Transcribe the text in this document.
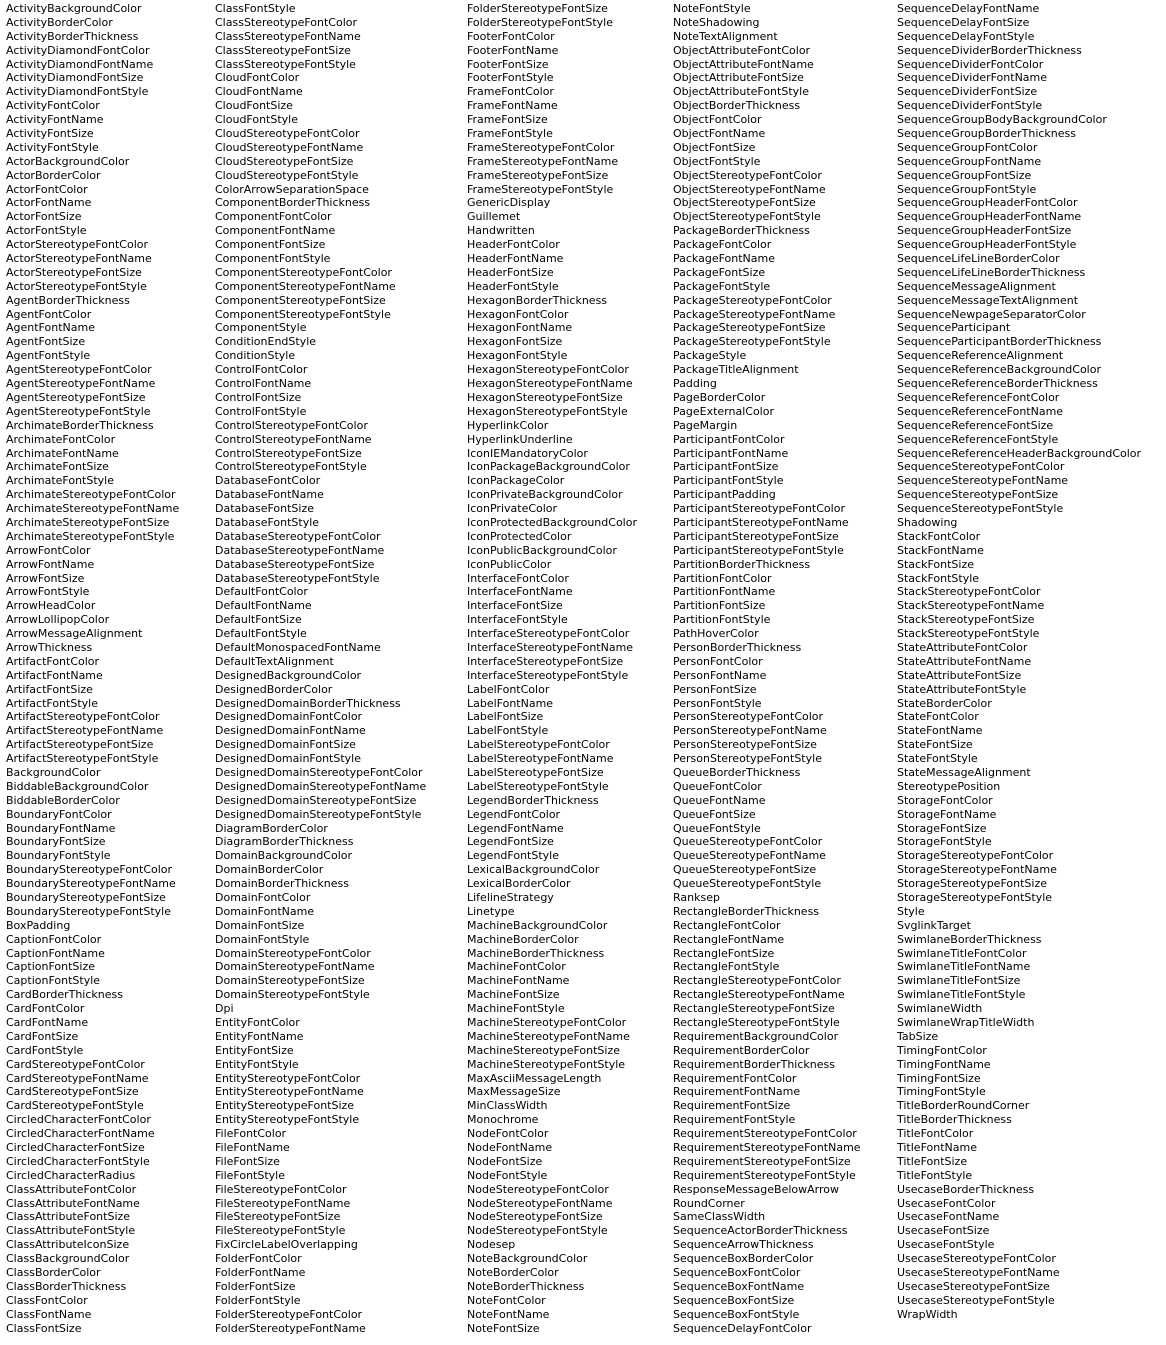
ActivityBackgroundColor
ActivityBorderColor
ActivityBorderThickness
ActivityDiamondFontColor
ActivityDiamondFontName
ActivityDiamondFontSize
ActivityDiamondFontStyle
ActivityFontColor
ActivityFontName
ActivityFontSize
ActivityFontStyle
ActorBackgroundColor
ActorBorderColor
ActorFontColor
ActorFontName
ActorFontSize
ActorFontStyle
ActorStereotypeFontColor
ActorStereotypeFontName
ActorStereotypeFontSize
ActorStereotypeFontStyle
AgentBorderThickness
AgentFontColor
AgentFontName
AgentFontSize
AgentFontStyle
AgentStereotypeFontColor
AgentStereotypeFontName
AgentStereotypeFontSize
AgentStereotypeFontStyle
ArchimateBorderThickness
ArchimateFontColor
ArchimateFontName
ArchimateFontSize
ArchimateFontStyle
ArchimateStereotypeFontColor
ArchimateStereotypeFontName
ArchimateStereotypeFontSize
ArchimateStereotypeFontStyle
ArrowFontColor
ArrowFontName
ArrowFontSize
ArrowFontStyle
ArrowHeadColor
ArrowLollipopColor
ArrowMessageAlignment
ArrowThickness
ArtifactFontColor
ArtifactFontName
ArtifactFontSize
ArtifactFontStyle
ArtifactStereotypeFontColor
ArtifactStereotypeFontName
ArtifactStereotypeFontSize
ArtifactStereotypeFontStyle
BackgroundColor
BiddableBackgroundColor
BiddableBorderColor
BoundaryFontColor
BoundaryFontName
BoundaryFontSize
BoundaryFontStyle
BoundaryStereotypeFontColor
BoundaryStereotypeFontName
BoundaryStereotypeFontSize
BoundaryStereotypeFontStyle
BoxPadding
CaptionFontColor
CaptionFontName
CaptionFontSize
CaptionFontStyle
CardBorderThickness
CardFontColor
CardFontName
CardFontSize
CardFontStyle
CardStereotypeFontColor
CardStereotypeFontName
CardStereotypeFontSize
CardStereotypeFontStyle
CircledCharacterFontColor
CircledCharacterFontName
CircledCharacterFontSize
CircledCharacterFontStyle
CircledCharacterRadius
ClassAttributeFontColor
ClassAttributeFontName
ClassAttributeFontSize
ClassAttributeFontStyle
ClassAttributeIconSize
ClassBackgroundColor
ClassBorderColor
ClassBorderThickness
ClassFontColor
ClassFontName
ClassFontSize
ClassFontStyle
ClassStereotypeFontColor
ClassStereotypeFontName
ClassStereotypeFontSize
ClassStereotypeFontStyle
CloudFontColor
CloudFontName
CloudFontSize
CloudFontStyle
CloudStereotypeFontColor
CloudStereotypeFontName
CloudStereotypeFontSize
CloudStereotypeFontStyle
ColorArrowSeparationSpace
ComponentBorderThickness
ComponentFontColor
ComponentFontName
ComponentFontSize
ComponentFontStyle
ComponentStereotypeFontColor
ComponentStereotypeFontName
ComponentStereotypeFontSize
ComponentStereotypeFontStyle
ComponentStyle
ConditionEndStyle
ConditionStyle
ControlFontColor
ControlFontName
ControlFontSize
ControlFontStyle
ControlStereotypeFontColor
ControlStereotypeFontName
ControlStereotypeFontSize
ControlStereotypeFontStyle
DatabaseFontColor
DatabaseFontName
DatabaseFontSize
DatabaseFontStyle
DatabaseStereotypeFontColor
DatabaseStereotypeFontName
DatabaseStereotypeFontSize
DatabaseStereotypeFontStyle
DefaultFontColor
DefaultFontName
DefaultFontSize
DefaultFontStyle
DefaultMonospacedFontName
DefaultTextAlignment
DesignedBackgroundColor
DesignedBorderColor
DesignedDomainBorderThickness
DesignedDomainFontColor
DesignedDomainFontName
DesignedDomainFontSize
DesignedDomainFontStyle
DesignedDomainStereotypeFontColor
DesignedDomainStereotypeFontName
DesignedDomainStereotypeFontSize
DesignedDomainStereotypeFontStyle
DiagramBorderColor
DiagramBorderThickness
DomainBackgroundColor
DomainBorderColor
DomainBorderThickness
DomainFontColor
DomainFontName
DomainFontSize
DomainFontStyle
DomainStereotypeFontColor
DomainStereotypeFontName
DomainStereotypeFontSize
DomainStereotypeFontStyle
Dpi
EntityFontColor
EntityFontName
EntityFontSize
EntityFontStyle
EntityStereotypeFontColor
EntityStereotypeFontName
EntityStereotypeFontSize
EntityStereotypeFontStyle
FileFontColor
FileFontName
FileFontSize
FileFontStyle
FileStereotypeFontColor
FileStereotypeFontName
FileStereotypeFontSize
FileStereotypeFontStyle
FixCircleLabelOverlapping
FolderFontColor
FolderFontName
FolderFontSize
FolderFontStyle
FolderStereotypeFontColor
FolderStereotypeFontName
FolderStereotypeFontSize
FolderStereotypeFontStyle
FooterFontColor
FooterFontName
FooterFontSize
FooterFontStyle
FrameFontColor
FrameFontName
FrameFontSize
FrameFontStyle
FrameStereotypeFontColor
FrameStereotypeFontName
FrameStereotypeFontSize
FrameStereotypeFontStyle
GenericDisplay
Guillemet
Handwritten
HeaderFontColor
HeaderFontName
HeaderFontSize
HeaderFontStyle
HexagonBorderThickness
HexagonFontColor
HexagonFontName
HexagonFontSize
HexagonFontStyle
HexagonStereotypeFontColor
HexagonStereotypeFontName
HexagonStereotypeFontSize
HexagonStereotypeFontStyle
HyperlinkColor
HyperlinkUnderline
IconIEMandatoryColor
IconPackageBackgroundColor
IconPackageColor
IconPrivateBackgroundColor
IconPrivateColor
IconProtectedBackgroundColor
IconProtectedColor
IconPublicBackgroundColor
IconPublicColor
InterfaceFontColor
InterfaceFontName
InterfaceFontSize
InterfaceFontStyle
InterfaceStereotypeFontColor
InterfaceStereotypeFontName
InterfaceStereotypeFontSize
InterfaceStereotypeFontStyle
LabelFontColor
LabelFontName
LabelFontSize
LabelFontStyle
LabelStereotypeFontColor
LabelStereotypeFontName
LabelStereotypeFontSize
LabelStereotypeFontStyle
LegendBorderThickness
LegendFontColor
LegendFontName
LegendFontSize
LegendFontStyle
LexicalBackgroundColor
LexicalBorderColor
LifelineStrategy
Linetype
MachineBackgroundColor
MachineBorderColor
MachineBorderThickness
MachineFontColor
MachineFontName
MachineFontSize
MachineFontStyle
MachineStereotypeFontColor
MachineStereotypeFontName
MachineStereotypeFontSize
MachineStereotypeFontStyle
MaxAsciiMessageLength
MaxMessageSize
MinClassWidth
Monochrome
NodeFontColor
NodeFontName
NodeFontSize
NodeFontStyle
NodeStereotypeFontColor
NodeStereotypeFontName
NodeStereotypeFontSize
NodeStereotypeFontStyle
Nodesep
NoteBackgroundColor
NoteBorderColor
NoteBorderThickness
NoteFontColor
NoteFontName
NoteFontSize
NoteFontStyle
NoteShadowing
NoteTextAlignment
ObjectAttributeFontColor
ObjectAttributeFontName
ObjectAttributeFontSize
ObjectAttributeFontStyle
ObjectBorderThickness
ObjectFontColor
ObjectFontName
ObjectFontSize
ObjectFontStyle
ObjectStereotypeFontColor
ObjectStereotypeFontName
ObjectStereotypeFontSize
ObjectStereotypeFontStyle
PackageBorderThickness
PackageFontColor
PackageFontName
PackageFontSize
PackageFontStyle
PackageStereotypeFontColor
PackageStereotypeFontName
PackageStereotypeFontSize
PackageStereotypeFontStyle
PackageStyle
PackageTitleAlignment
Padding
PageBorderColor
PageExternalColor
PageMargin
ParticipantFontColor
ParticipantFontName
ParticipantFontSize
ParticipantFontStyle
ParticipantPadding
ParticipantStereotypeFontColor
ParticipantStereotypeFontName
ParticipantStereotypeFontSize
ParticipantStereotypeFontStyle
PartitionBorderThickness
PartitionFontColor
PartitionFontName
PartitionFontSize
PartitionFontStyle
PathHoverColor
PersonBorderThickness
PersonFontColor
PersonFontName
PersonFontSize
PersonFontStyle
PersonStereotypeFontColor
PersonStereotypeFontName
PersonStereotypeFontSize
PersonStereotypeFontStyle
QueueBorderThickness
QueueFontColor
QueueFontName
QueueFontSize
QueueFontStyle
QueueStereotypeFontColor
QueueStereotypeFontName
QueueStereotypeFontSize
QueueStereotypeFontStyle
Ranksep
RectangleBorderThickness
RectangleFontColor
RectangleFontName
RectangleFontSize
RectangleFontStyle
RectangleStereotypeFontColor
RectangleStereotypeFontName
RectangleStereotypeFontSize
RectangleStereotypeFontStyle
RequirementBackgroundColor
RequirementBorderColor
RequirementBorderThickness
RequirementFontColor
RequirementFontName
RequirementFontSize
RequirementFontStyle
RequirementStereotypeFontColor
RequirementStereotypeFontName
RequirementStereotypeFontSize
RequirementStereotypeFontStyle
ResponseMessageBelowArrow
RoundCorner
SameClassWidth
SequenceActorBorderThickness
SequenceArrowThickness
SequenceBoxBorderColor
SequenceBoxFontColor
SequenceBoxFontName
SequenceBoxFontSize
SequenceBoxFontStyle
SequenceDelayFontColor
SequenceDelayFontName
SequenceDelayFontSize
SequenceDelayFontStyle
SequenceDividerBorderThickness
SequenceDividerFontColor
SequenceDividerFontName
SequenceDividerFontSize
SequenceDividerFontStyle
SequenceGroupBodyBackgroundColor
SequenceGroupBorderThickness
SequenceGroupFontColor
SequenceGroupFontName
SequenceGroupFontSize
SequenceGroupFontStyle
SequenceGroupHeaderFontColor
SequenceGroupHeaderFontName
SequenceGroupHeaderFontSize
SequenceGroupHeaderFontStyle
SequenceLifeLineBorderColor
SequenceLifeLineBorderThickness
SequenceMessageAlignment
SequenceMessageTextAlignment
SequenceNewpageSeparatorColor
SequenceParticipant
SequenceParticipantBorderThickness
SequenceReferenceAlignment
SequenceReferenceBackgroundColor
SequenceReferenceBorderThickness
SequenceReferenceFontColor
SequenceReferenceFontName
SequenceReferenceFontSize
SequenceReferenceFontStyle
SequenceReferenceHeaderBackgroundColor
SequenceStereotypeFontColor
SequenceStereotypeFontName
SequenceStereotypeFontSize
SequenceStereotypeFontStyle
Shadowing
StackFontColor
StackFontName
StackFontSize
StackFontStyle
StackStereotypeFontColor
StackStereotypeFontName
StackStereotypeFontSize
StackStereotypeFontStyle
StateAttributeFontColor
StateAttributeFontName
StateAttributeFontSize
StateAttributeFontStyle
StateBorderColor
StateFontColor
StateFontName
StateFontSize
StateFontStyle
StateMessageAlignment
StereotypePosition
StorageFontColor
StorageFontName
StorageFontSize
StorageFontStyle
StorageStereotypeFontColor
StorageStereotypeFontName
StorageStereotypeFontSize
StorageStereotypeFontStyle
Style
SvglinkTarget
SwimlaneBorderThickness
SwimlaneTitleFontColor
SwimlaneTitleFontName
SwimlaneTitleFontSize
SwimlaneTitleFontStyle
SwimlaneWidth
SwimlaneWrapTitleWidth
TabSize
TimingFontColor
TimingFontName
TimingFontSize
TimingFontStyle
TitleBorderRoundCorner
TitleBorderThickness
TitleFontColor
TitleFontName
TitleFontSize
TitleFontStyle
UsecaseBorderThickness
UsecaseFontColor
UsecaseFontName
UsecaseFontSize
UsecaseFontStyle
UsecaseStereotypeFontColor
UsecaseStereotypeFontName
UsecaseStereotypeFontSize
UsecaseStereotypeFontStyle
WrapWidth
